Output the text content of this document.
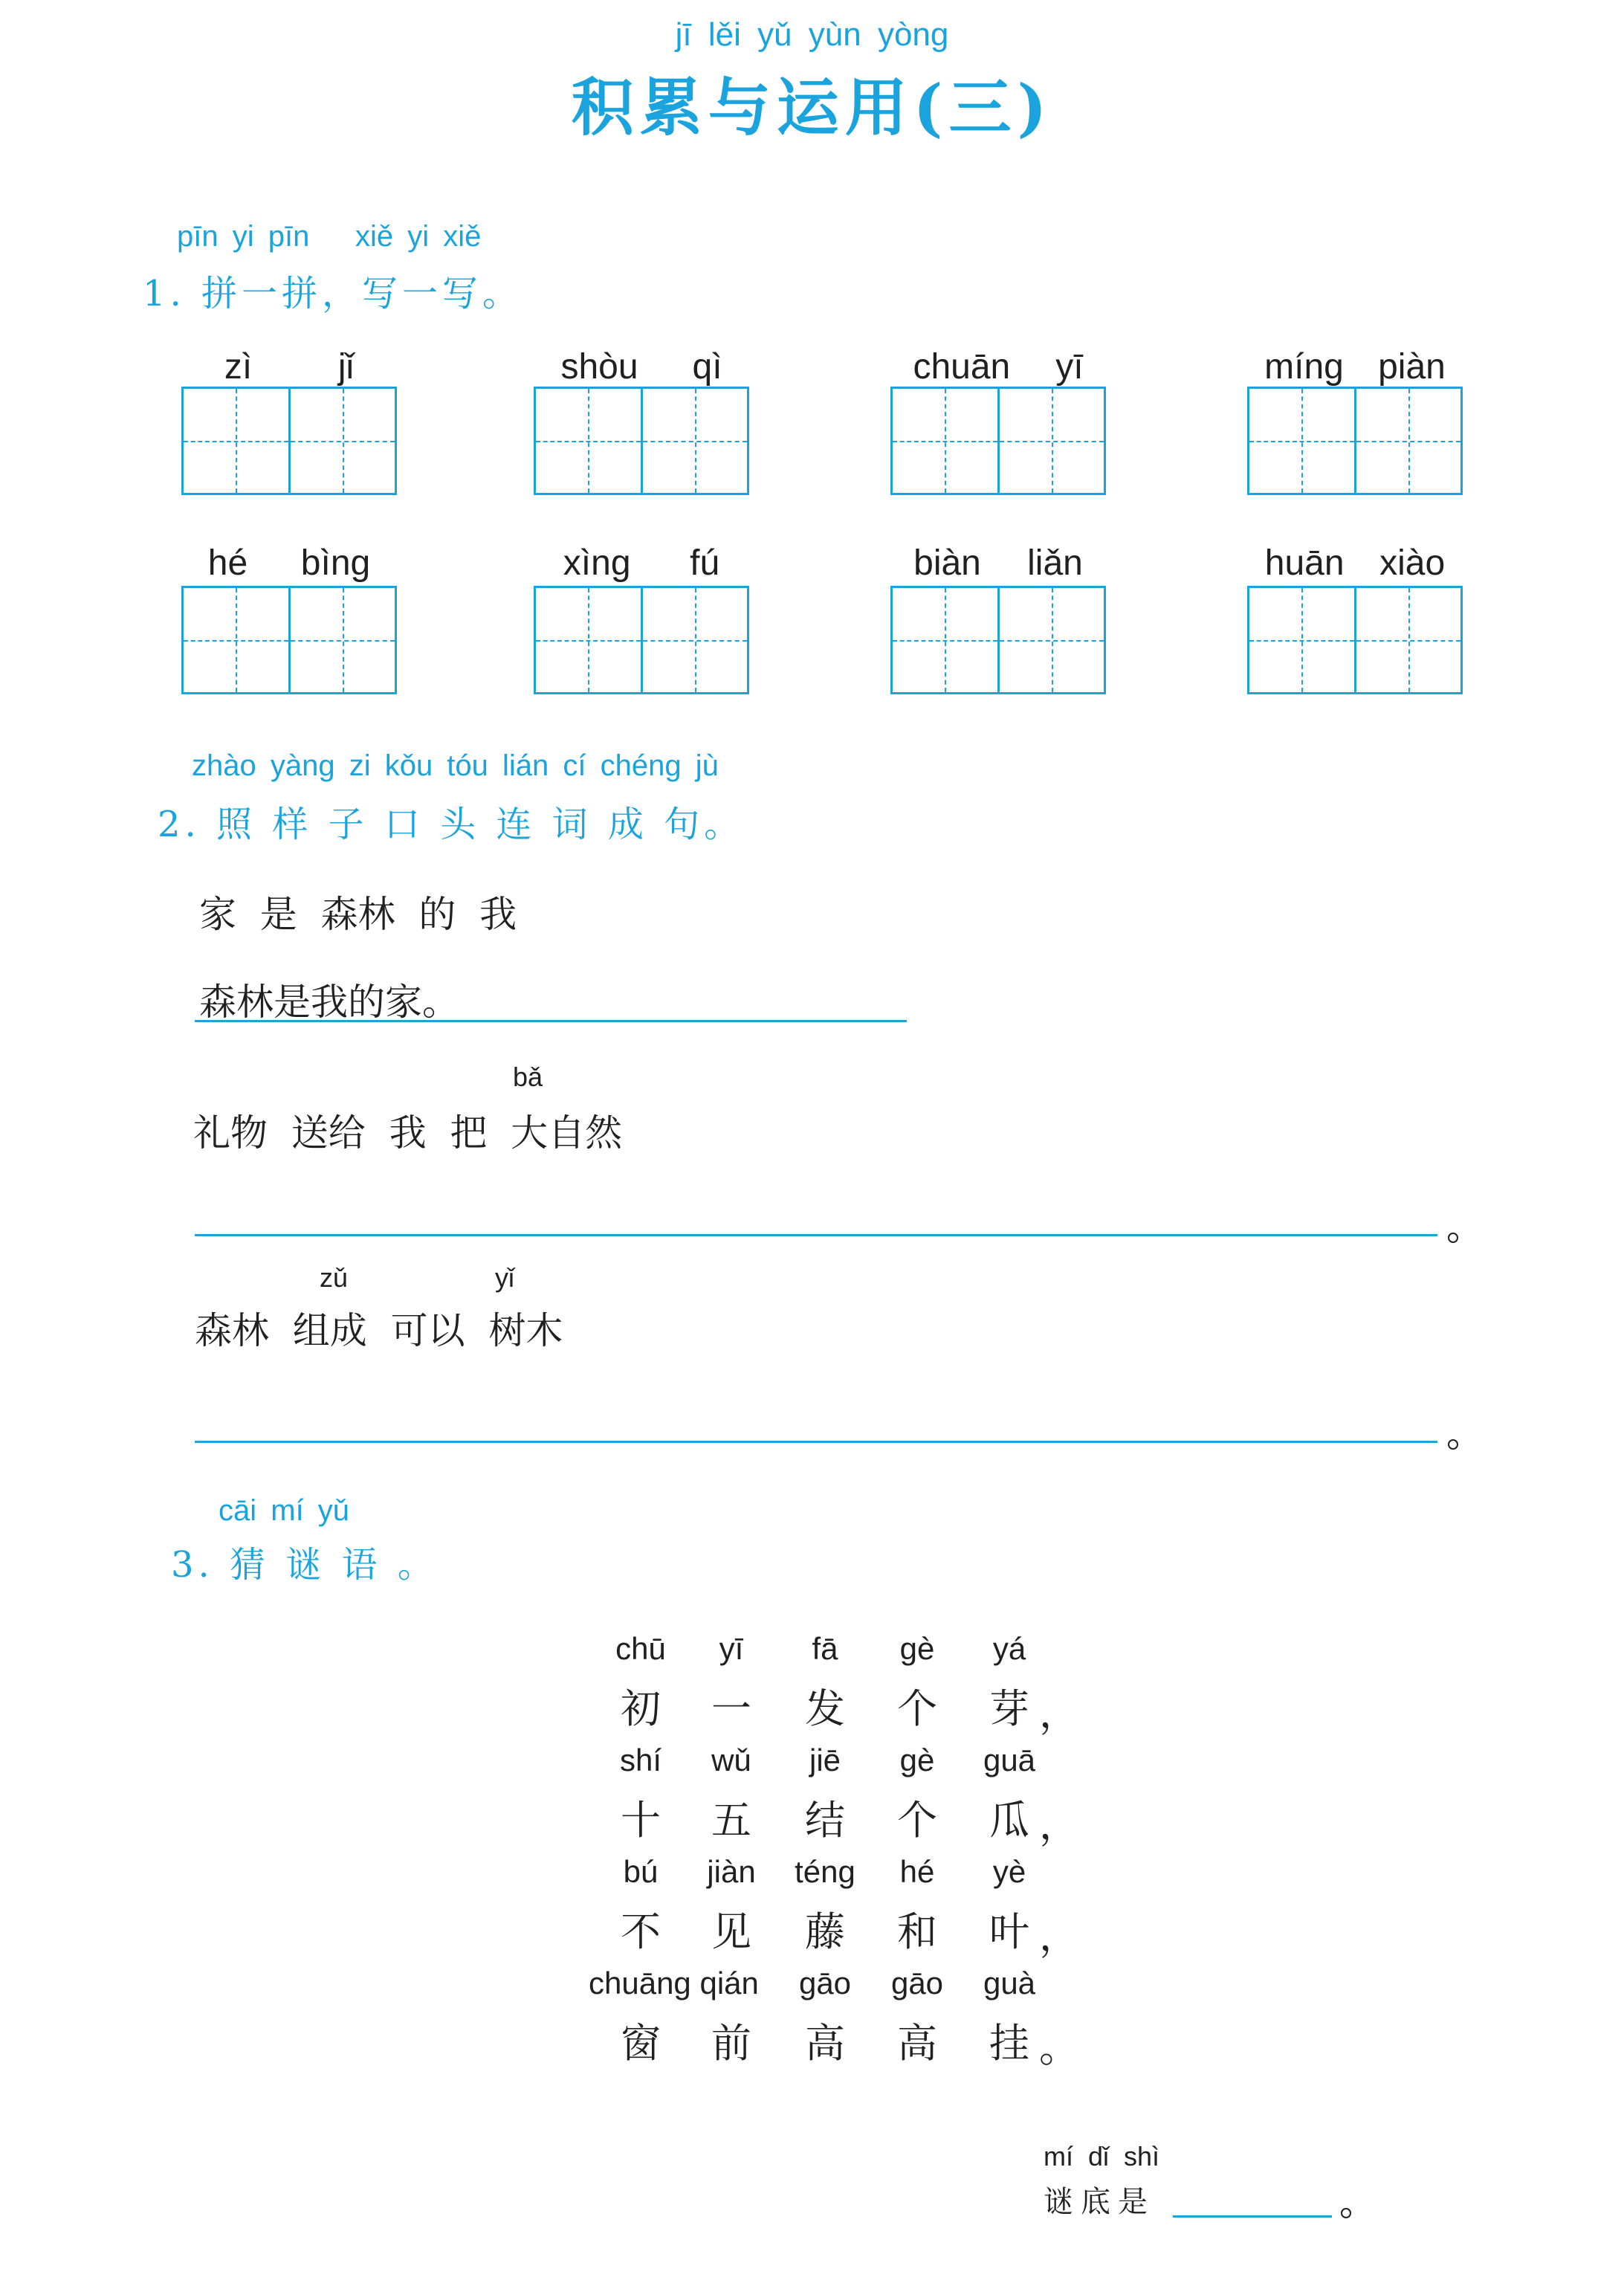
jī lěi yǔ yùn yòng
积累与运用(三)
pīn yi pīn xiě yi xiě
1. 拼一拼，写一写。
zì jǐ	shòu qì	chuān yī	míng piàn
hé bìng	xìng fú	biàn liǎn	huān xiào
zhào yàng zi kǒu tóu lián cí chéng jù
2. 照 样 子 口 头 连 词 成 句。
家  是  森林  的  我
森林是我的家。
bǎ
礼物  送给  我  把  大自然
zǔ	yǐ
森林  组成  可以  树木
cāi mí yǔ
3. 猜 谜 语 。
chū yī fā gè yá
初 一 发 个 芽 ，
shí wǔ jiē gè guā
十 五 结 个 瓜 ，
bú jiàn téng hé yè
不 见 藤 和 叶 ，
chuāng qián gāo gāo guà
窗 前 高 高 挂 。
mí  dǐ  shì
谜底是
